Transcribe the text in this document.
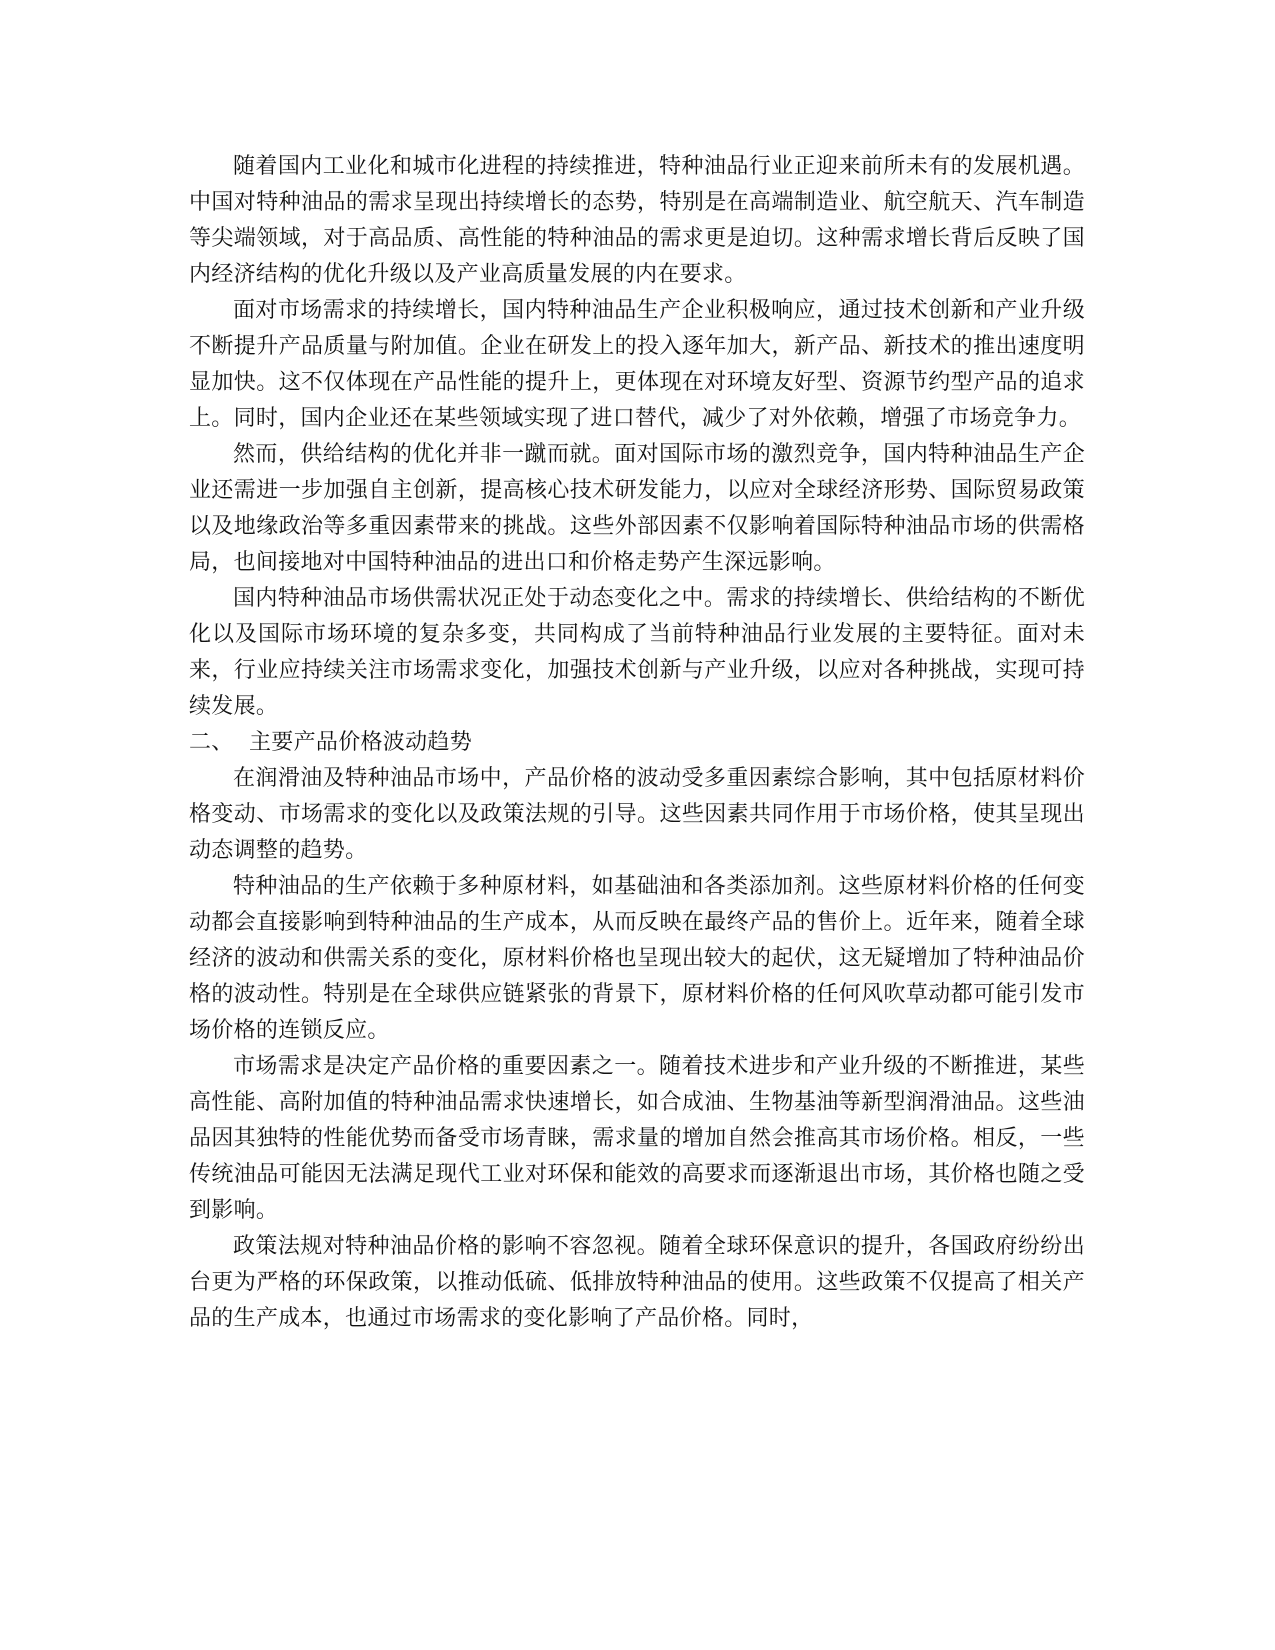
随着国内工业化和城市化进程的持续推进，特种油品行业正迎来前所未有的发展机遇。中国对特种油品的需求呈现出持续增长的态势，特别是在高端制造业、航空航天、汽车制造等尖端领域，对于高品质、高性能的特种油品的需求更是迫切。这种需求增长背后反映了国内经济结构的优化升级以及产业高质量发展的内在要求。

面对市场需求的持续增长，国内特种油品生产企业积极响应，通过技术创新和产业升级不断提升产品质量与附加值。企业在研发上的投入逐年加大，新产品、新技术的推出速度明显加快。这不仅体现在产品性能的提升上，更体现在对环境友好型、资源节约型产品的追求上。同时，国内企业还在某些领域实现了进口替代，减少了对外依赖，增强了市场竞争力。

然而，供给结构的优化并非一蹴而就。面对国际市场的激烈竞争，国内特种油品生产企业还需进一步加强自主创新，提高核心技术研发能力，以应对全球经济形势、国际贸易政策以及地缘政治等多重因素带来的挑战。这些外部因素不仅影响着国际特种油品市场的供需格局，也间接地对中国特种油品的进出口和价格走势产生深远影响。

国内特种油品市场供需状况正处于动态变化之中。需求的持续增长、供给结构的不断优化以及国际市场环境的复杂多变，共同构成了当前特种油品行业发展的主要特征。面对未来，行业应持续关注市场需求变化，加强技术创新与产业升级，以应对各种挑战，实现可持续发展。

二、 主要产品价格波动趋势

在润滑油及特种油品市场中，产品价格的波动受多重因素综合影响，其中包括原材料价格变动、市场需求的变化以及政策法规的引导。这些因素共同作用于市场价格，使其呈现出动态调整的趋势。

特种油品的生产依赖于多种原材料，如基础油和各类添加剂。这些原材料价格的任何变动都会直接影响到特种油品的生产成本，从而反映在最终产品的售价上。近年来，随着全球经济的波动和供需关系的变化，原材料价格也呈现出较大的起伏，这无疑增加了特种油品价格的波动性。特别是在全球供应链紧张的背景下，原材料价格的任何风吹草动都可能引发市场价格的连锁反应。

市场需求是决定产品价格的重要因素之一。随着技术进步和产业升级的不断推进，某些高性能、高附加值的特种油品需求快速增长，如合成油、生物基油等新型润滑油品。这些油品因其独特的性能优势而备受市场青睐，需求量的增加自然会推高其市场价格。相反，一些传统油品可能因无法满足现代工业对环保和能效的高要求而逐渐退出市场，其价格也随之受到影响。

政策法规对特种油品价格的影响不容忽视。随着全球环保意识的提升，各国政府纷纷出台更为严格的环保政策，以推动低硫、低排放特种油品的使用。这些政策不仅提高了相关产品的生产成本，也通过市场需求的变化影响了产品价格。同时，
